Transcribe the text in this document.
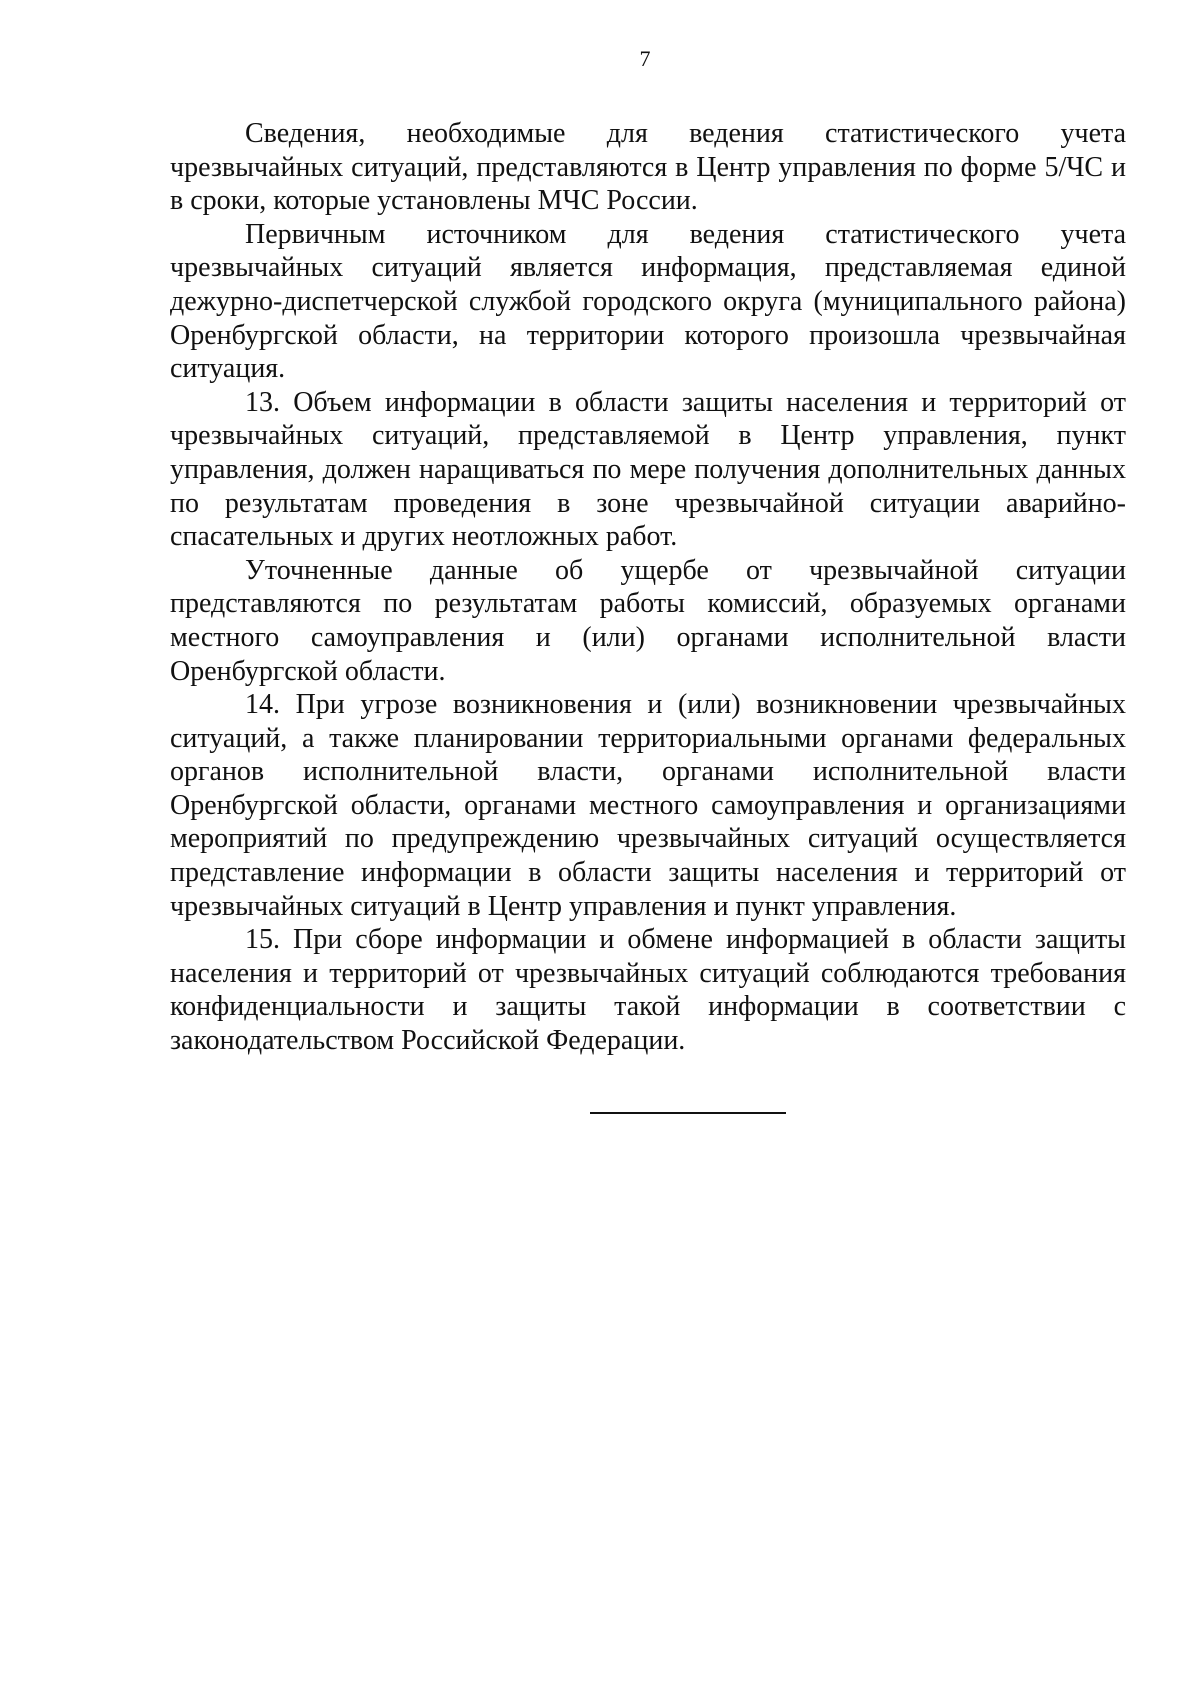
7

Сведения, необходимые для ведения статистического учета чрезвычайных ситуаций, представляются в Центр управления по форме 5/ЧС и в сроки, которые установлены МЧС России.

Первичным источником для ведения статистического учета чрезвычайных ситуаций является информация, представляемая единой дежурно-диспетчерской службой городского округа (муниципального района) Оренбургской области, на территории которого произошла чрезвычайная ситуация.

13. Объем информации в области защиты населения и территорий от чрезвычайных ситуаций, представляемой в Центр управления, пункт управления, должен наращиваться по мере получения дополнительных данных по результатам проведения в зоне чрезвычайной ситуации аварийно-спасательных и других неотложных работ.

Уточненные данные об ущербе от чрезвычайной ситуации представляются по результатам работы комиссий, образуемых органами местного самоуправления и (или) органами исполнительной власти Оренбургской области.

14. При угрозе возникновения и (или) возникновении чрезвычайных ситуаций, а также планировании территориальными органами федеральных органов исполнительной власти, органами исполнительной власти Оренбургской области, органами местного самоуправления и организациями мероприятий по предупреждению чрезвычайных ситуаций осуществляется представление информации в области защиты населения и территорий от чрезвычайных ситуаций в Центр управления и пункт управления.

15. При сборе информации и обмене информацией в области защиты населения и территорий от чрезвычайных ситуаций соблюдаются требования конфиденциальности и защиты такой информации в соответствии с законодательством Российской Федерации.
